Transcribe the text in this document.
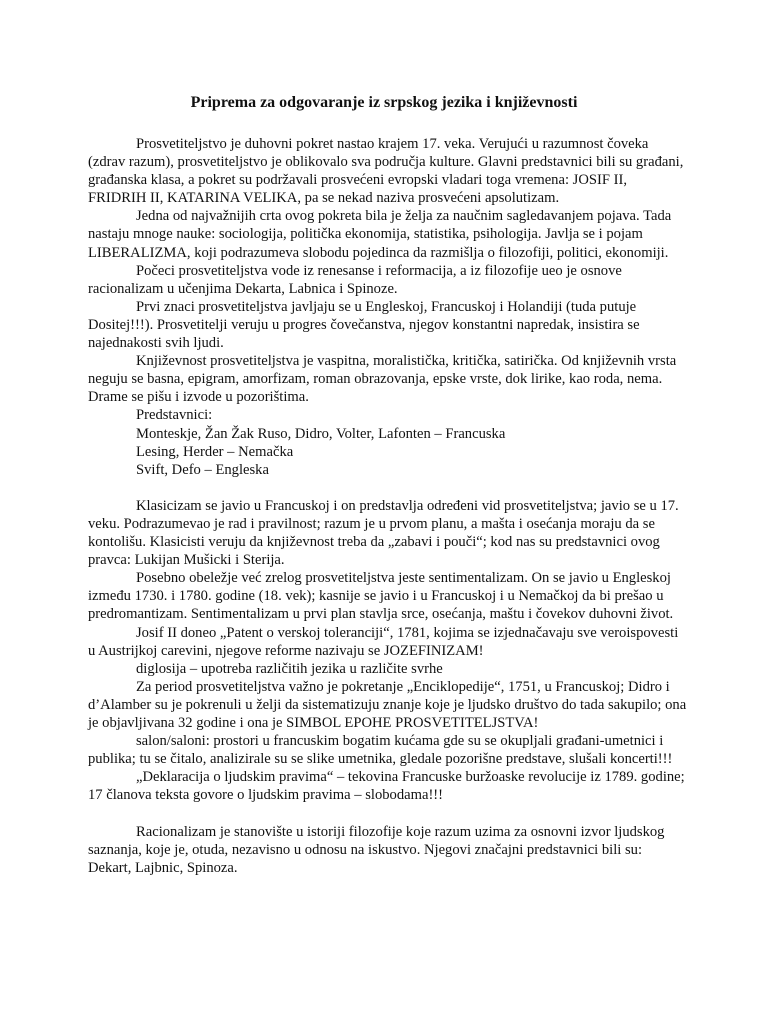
Priprema za odgovaranje iz srpskog jezika i književnosti

Prosvetiteljstvo je duhovni pokret nastao krajem 17. veka. Verujući u razumnost čoveka (zdrav razum), prosvetiteljstvo je oblikovalo sva područja kulture. Glavni predstavnici bili su građani, građanska klasa, a pokret su podržavali prosvećeni evropski vladari toga vremena: JOSIF II, FRIDRIH II, KATARINA VELIKA, pa se nekad naziva prosvećeni apsolutizam.

Jedna od najvažnijih crta ovog pokreta bila je želja za naučnim sagledavanjem pojava. Tada nastaju mnoge nauke: sociologija, politička ekonomija, statistika, psihologija. Javlja se i pojam LIBERALIZMA, koji podrazumeva slobodu pojedinca da razmišlja o filozofiji, politici, ekonomiji.

Počeci prosvetiteljstva vode iz renesanse i reformacija, a iz filozofije ueo je osnove racionalizam u učenjima Dekarta, Labnica i Spinoze.

Prvi znaci prosvetiteljstva javljaju se u Engleskoj, Francuskoj i Holandiji (tuda putuje Dositej!!!). Prosvetitelji veruju u progres čovečanstva, njegov konstantni napredak, insistira se najednakosti svih ljudi.

Književnost prosvetiteljstva je vaspitna, moralistička, kritička, satirička. Od književnih vrsta neguju se basna, epigram, amorfizam, roman obrazovanja, epske vrste, dok lirike, kao roda, nema. Drame se pišu i izvode u pozorištima.

Predstavnici:

Monteskje, Žan Žak Ruso, Didro, Volter, Lafonten – Francuska

Lesing, Herder – Nemačka

Svift, Defo – Engleska

Klasicizam se javio u Francuskoj i on predstavlja određeni vid prosvetiteljstva; javio se u 17. veku. Podrazumevao je rad i pravilnost; razum je u prvom planu, a mašta i osećanja moraju da se kontolišu. Klasicisti veruju da književnost treba da „zabavi i pouči“; kod nas su predstavnici ovog pravca: Lukijan Mušicki i Sterija.

Posebno obeležje već zrelog prosvetiteljstva jeste sentimentalizam. On se javio u Engleskoj između 1730. i 1780. godine (18. vek); kasnije se javio i u Francuskoj i u Nemačkoj da bi prešao u predromantizam. Sentimentalizam u prvi plan stavlja srce, osećanja, maštu i čovekov duhovni život.

Josif II doneo „Patent o verskoj toleranciji“, 1781, kojima se izjednačavaju sve veroispovesti u Austrijkoj carevini, njegove reforme nazivaju se JOZEFINIZAM!

diglosija – upotreba različitih jezika u različite svrhe

Za period prosvetiteljstva važno je pokretanje „Enciklopedije“, 1751, u Francuskoj; Didro i d’Alamber su je pokrenuli u želji da sistematizuju znanje koje je ljudsko društvo do tada sakupilo; ona je objavljivana 32 godine i ona je SIMBOL EPOHE PROSVETITELJSTVA!

salon/saloni: prostori u francuskim bogatim kućama gde su se okupljali građani-umetnici i publika; tu se čitalo, analizirale su se slike umetnika, gledale pozorišne predstave, slušali koncerti!!!

„Deklaracija o ljudskim pravima“ – tekovina Francuske buržoaske revolucije iz 1789. godine; 17 članova teksta govore o ljudskim pravima – slobodama!!!

Racionalizam je stanovište u istoriji filozofije koje razum uzima za osnovni izvor ljudskog saznanja, koje je, otuda, nezavisno u odnosu na iskustvo. Njegovi značajni predstavnici bili su: Dekart, Lajbnic, Spinoza.
